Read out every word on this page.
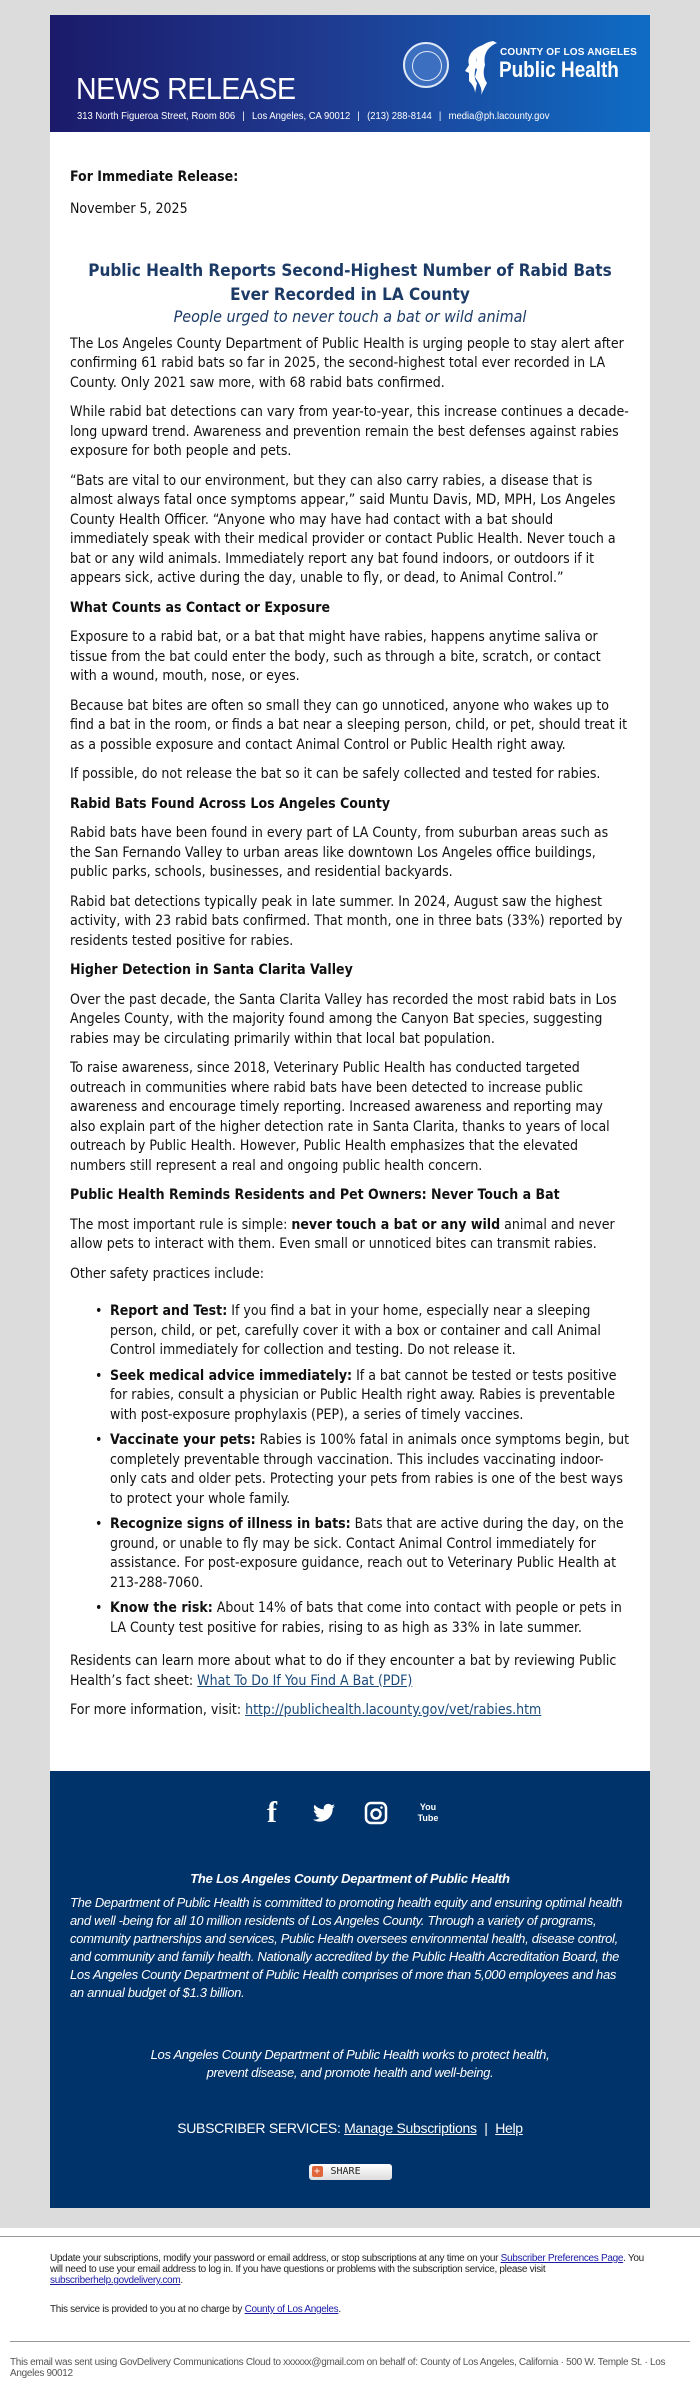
NEWS RELEASE
313 North Figueroa Street, Room 806 | Los Angeles, CA 90012 | (213) 288-8144 | media@ph.lacounty.gov
COUNTY OF LOS ANGELES
Public Health

For Immediate Release:

November 5, 2025

Public Health Reports Second-Highest Number of Rabid Bats Ever Recorded in LA County

People urged to never touch a bat or wild animal

The Los Angeles County Department of Public Health is urging people to stay alert after confirming 61 rabid bats so far in 2025, the second-highest total ever recorded in LA County. Only 2021 saw more, with 68 rabid bats confirmed.

While rabid bat detections can vary from year-to-year, this increase continues a decade-long upward trend. Awareness and prevention remain the best defenses against rabies exposure for both people and pets.

“Bats are vital to our environment, but they can also carry rabies, a disease that is almost always fatal once symptoms appear,” said Muntu Davis, MD, MPH, Los Angeles County Health Officer. “Anyone who may have had contact with a bat should immediately speak with their medical provider or contact Public Health. Never touch a bat or any wild animals. Immediately report any bat found indoors, or outdoors if it appears sick, active during the day, unable to fly, or dead, to Animal Control.”

What Counts as Contact or Exposure

Exposure to a rabid bat, or a bat that might have rabies, happens anytime saliva or tissue from the bat could enter the body, such as through a bite, scratch, or contact with a wound, mouth, nose, or eyes.

Because bat bites are often so small they can go unnoticed, anyone who wakes up to find a bat in the room, or finds a bat near a sleeping person, child, or pet, should treat it as a possible exposure and contact Animal Control or Public Health right away.

If possible, do not release the bat so it can be safely collected and tested for rabies.

Rabid Bats Found Across Los Angeles County

Rabid bats have been found in every part of LA County, from suburban areas such as the San Fernando Valley to urban areas like downtown Los Angeles office buildings, public parks, schools, businesses, and residential backyards.

Rabid bat detections typically peak in late summer. In 2024, August saw the highest activity, with 23 rabid bats confirmed. That month, one in three bats (33%) reported by residents tested positive for rabies.

Higher Detection in Santa Clarita Valley

Over the past decade, the Santa Clarita Valley has recorded the most rabid bats in Los Angeles County, with the majority found among the Canyon Bat species, suggesting rabies may be circulating primarily within that local bat population.

To raise awareness, since 2018, Veterinary Public Health has conducted targeted outreach in communities where rabid bats have been detected to increase public awareness and encourage timely reporting. Increased awareness and reporting may also explain part of the higher detection rate in Santa Clarita, thanks to years of local outreach by Public Health. However, Public Health emphasizes that the elevated numbers still represent a real and ongoing public health concern.

Public Health Reminds Residents and Pet Owners: Never Touch a Bat

The most important rule is simple: never touch a bat or any wild animal and never allow pets to interact with them. Even small or unnoticed bites can transmit rabies.

Other safety practices include:

• Report and Test: If you find a bat in your home, especially near a sleeping person, child, or pet, carefully cover it with a box or container and call Animal Control immediately for collection and testing. Do not release it.
• Seek medical advice immediately: If a bat cannot be tested or tests positive for rabies, consult a physician or Public Health right away. Rabies is preventable with post-exposure prophylaxis (PEP), a series of timely vaccines.
• Vaccinate your pets: Rabies is 100% fatal in animals once symptoms begin, but completely preventable through vaccination. This includes vaccinating indoor-only cats and older pets. Protecting your pets from rabies is one of the best ways to protect your whole family.
• Recognize signs of illness in bats: Bats that are active during the day, on the ground, or unable to fly may be sick. Contact Animal Control immediately for assistance. For post-exposure guidance, reach out to Veterinary Public Health at 213-288-7060.
• Know the risk: About 14% of bats that come into contact with people or pets in LA County test positive for rabies, rising to as high as 33% in late summer.

Residents can learn more about what to do if they encounter a bat by reviewing Public Health’s fact sheet: What To Do If You Find A Bat (PDF)

For more information, visit: http://publichealth.lacounty.gov/vet/rabies.htm

f	You Tube
The Los Angeles County Department of Public Health
The Department of Public Health is committed to promoting health equity and ensuring optimal health and well -being for all 10 million residents of Los Angeles County. Through a variety of programs, community partnerships and services, Public Health oversees environmental health, disease control, and community and family health. Nationally accredited by the Public Health Accreditation Board, the Los Angeles County Department of Public Health comprises of more than 5,000 employees and has an annual budget of $1.3 billion.
Los Angeles County Department of Public Health works to protect health,
prevent disease, and promote health and well-being.
SUBSCRIBER SERVICES: Manage Subscriptions | Help
+ SHARE
Update your subscriptions, modify your password or email address, or stop subscriptions at any time on your Subscriber Preferences Page. You will need to use your email address to log in. If you have questions or problems with the subscription service, please visit subscriberhelp.govdelivery.com.
This service is provided to you at no charge by County of Los Angeles.
This email was sent using GovDelivery Communications Cloud to xxxxxx@gmail.com on behalf of: County of Los Angeles, California · 500 W. Temple St. · Los Angeles 90012
